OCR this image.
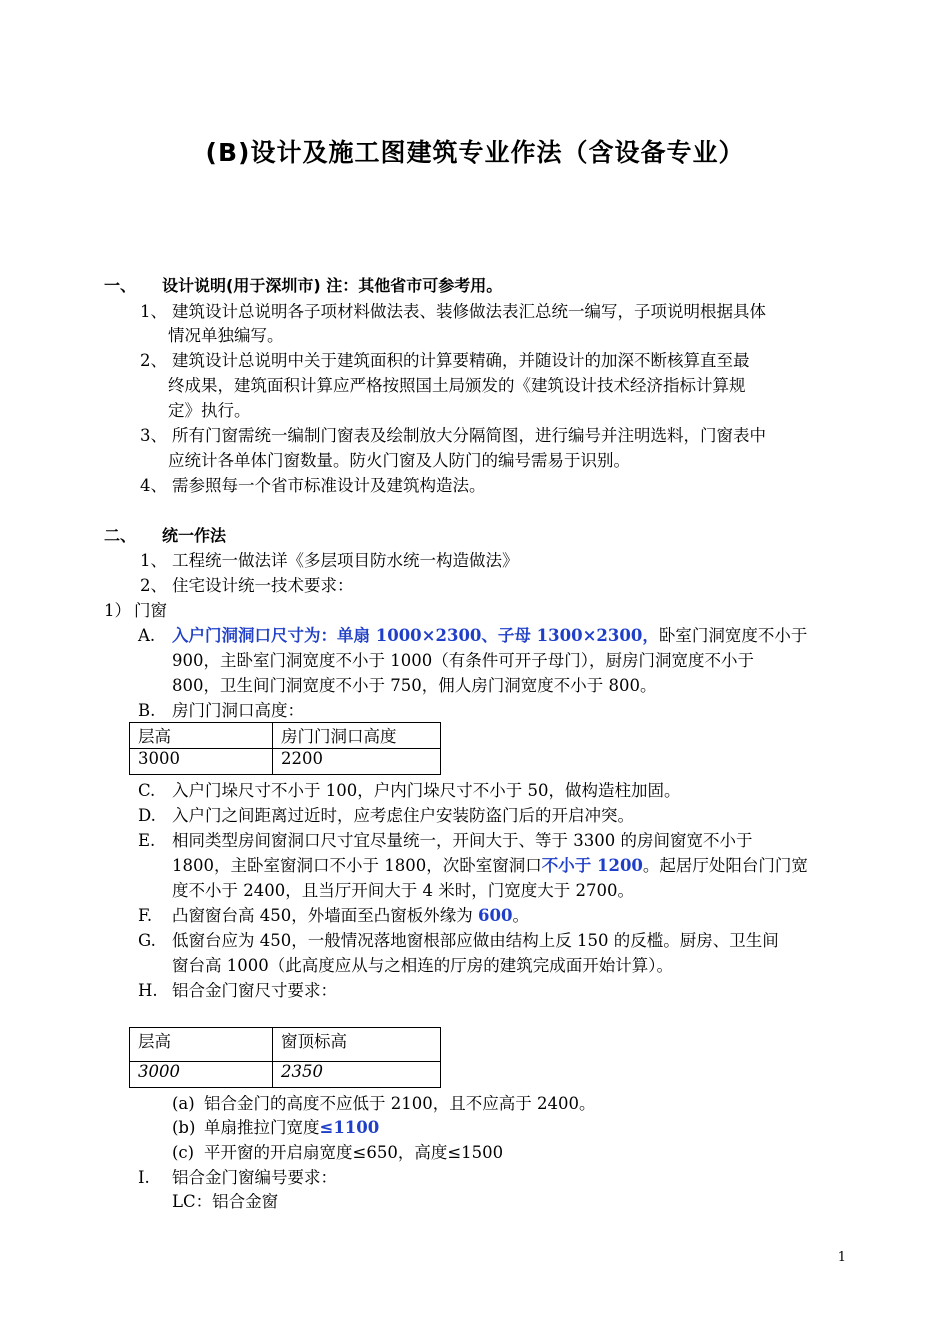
(B)设计及施工图建筑专业作法（含设备专业）
一、 设计说明(用于深圳市) 注：其他省市可参考用。
1、 建筑设计总说明各子项材料做法表、装修做法表汇总统一编写，子项说明根据具体
情况单独编写。
2、 建筑设计总说明中关于建筑面积的计算要精确，并随设计的加深不断核算直至最
终成果，建筑面积计算应严格按照国土局颁发的《建筑设计技术经济指标计算规
定》执行。
3、 所有门窗需统一编制门窗表及绘制放大分隔简图，进行编号并注明选料，门窗表中
应统计各单体门窗数量。防火门窗及人防门的编号需易于识别。
4、 需参照每一个省市标准设计及建筑构造法。
二、 统一作法
1、 工程统一做法详《多层项目防水统一构造做法》
2、 住宅设计统一技术要求：
1） 门窗
A. 入户门洞洞口尺寸为：单扇 1000×2300、子母 1300×2300，卧室门洞宽度不小于
900，主卧室门洞宽度不小于 1000（有条件可开子母门），厨房门洞宽度不小于
800，卫生间门洞宽度不小于 750，佣人房门洞宽度不小于 800。
B. 房门门洞口高度：
层高	房门门洞口高度
3000	2200
C. 入户门垛尺寸不小于 100，户内门垛尺寸不小于 50，做构造柱加固。
D. 入户门之间距离过近时，应考虑住户安装防盗门后的开启冲突。
E. 相同类型房间窗洞口尺寸宜尽量统一，开间大于、等于 3300 的房间窗宽不小于
1800，主卧室窗洞口不小于 1800，次卧室窗洞口不小于 1200。起居厅处阳台门门宽
度不小于 2400，且当厅开间大于 4 米时，门宽度大于 2700。
F. 凸窗窗台高 450，外墙面至凸窗板外缘为 600。
G. 低窗台应为 450，一般情况落地窗根部应做由结构上反 150 的反槛。厨房、卫生间
窗台高 1000（此高度应从与之相连的厅房的建筑完成面开始计算）。
H. 铝合金门窗尺寸要求：
层高	窗顶标高
3000	2350
(a) 铝合金门的高度不应低于 2100，且不应高于 2400。
(b) 单扇推拉门宽度≤1100
(c) 平开窗的开启扇宽度≤650，高度≤1500
I. 铝合金门窗编号要求：
LC：铝合金窗
1
